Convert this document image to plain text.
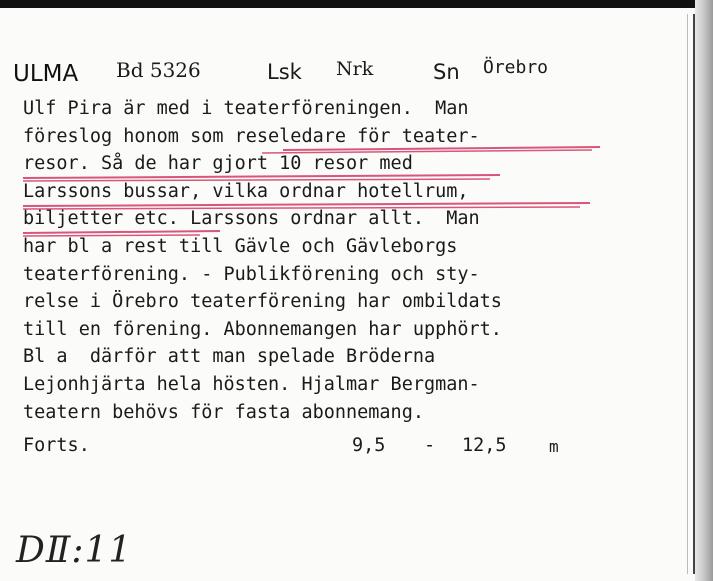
ULMA Bd 5326	Lsk Nrk	Sn Örebro
Ulf Pira är med i teaterföreningen.  Man
föreslog honom som reseledare för teater-
resor. Så de har gjort 10 resor med
Larssons bussar, vilka ordnar hotellrum,
biljetter etc. Larssons ordnar allt.  Man
har bl a rest till Gävle och Gävleborgs
teaterförening. - Publikförening och sty-
relse i Örebro teaterförening har ombildats
till en förening. Abonnemangen har upphört.
Bl a  därför att man spelade Bröderna
Lejonhjärta hela hösten. Hjalmar Bergman-
teatern behövs för fasta abonnemang.
Forts.	9,5 - 12,5	m
DⅡ:11
